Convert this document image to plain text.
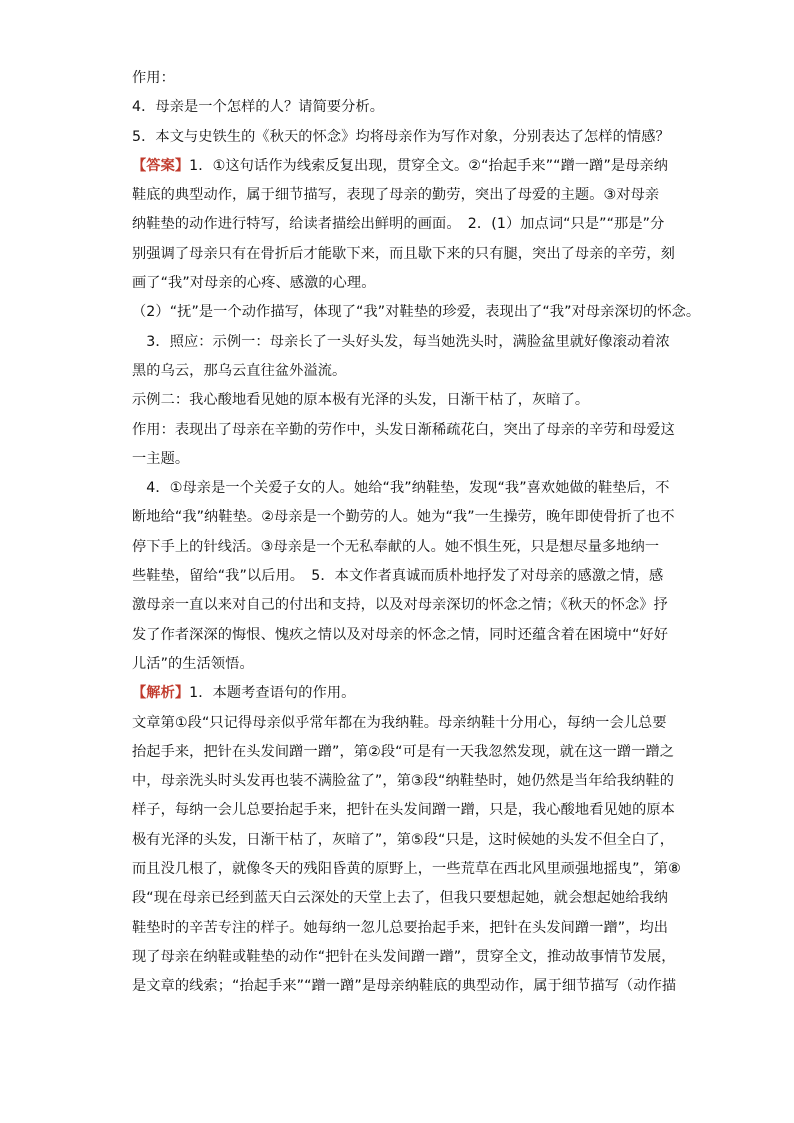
作用：
4．母亲是一个怎样的人？请简要分析。
5．本文与史铁生的《秋天的怀念》均将母亲作为写作对象，分别表达了怎样的情感？
【答案】1．①这句话作为线索反复出现，贯穿全文。②“抬起手来”“蹭一蹭”是母亲纳
鞋底的典型动作，属于细节描写，表现了母亲的勤劳，突出了母爱的主题。③对母亲
纳鞋垫的动作进行特写，给读者描绘出鲜明的画面。　2．(1）加点词“只是”“那是”分
别强调了母亲只有在骨折后才能歇下来，而且歇下来的只有腿，突出了母亲的辛劳，刻
画了“我”对母亲的心疼、感激的心理。
（2）“抚”是一个动作描写，体现了“我”对鞋垫的珍爱，表现出了“我”对母亲深切的怀念。
　3．照应：示例一：母亲长了一头好头发，每当她洗头时，满脸盆里就好像滚动着浓
黑的乌云，那乌云直往盆外溢流。
示例二：我心酸地看见她的原本极有光泽的头发，日渐干枯了，灰暗了。
作用：表现出了母亲在辛勤的劳作中，头发日渐稀疏花白，突出了母亲的辛劳和母爱这
一主题。
　4．①母亲是一个关爱子女的人。她给“我”纳鞋垫，发现“我”喜欢她做的鞋垫后，不
断地给“我”纳鞋垫。②母亲是一个勤劳的人。她为“我”一生操劳，晚年即使骨折了也不
停下手上的针线活。③母亲是一个无私奉献的人。她不惧生死，只是想尽量多地纳一
些鞋垫，留给“我”以后用。　5．本文作者真诚而质朴地抒发了对母亲的感激之情，感
激母亲一直以来对自己的付出和支持，以及对母亲深切的怀念之情；《秋天的怀念》抒
发了作者深深的悔恨、愧疚之情以及对母亲的怀念之情，同时还蕴含着在困境中“好好
儿活”的生活领悟。
【解析】1．本题考查语句的作用。
文章第①段“只记得母亲似乎常年都在为我纳鞋。母亲纳鞋十分用心，每纳一会儿总要
抬起手来，把针在头发间蹭一蹭”，第②段“可是有一天我忽然发现，就在这一蹭一蹭之
中，母亲洗头时头发再也装不满脸盆了”，第③段“纳鞋垫时，她仍然是当年给我纳鞋的
样子，每纳一会儿总要抬起手来，把针在头发间蹭一蹭，只是，我心酸地看见她的原本
极有光泽的头发，日渐干枯了，灰暗了”，第⑤段“只是，这时候她的头发不但全白了，
而且没几根了，就像冬天的残阳昏黄的原野上，一些荒草在西北风里顽强地摇曳”，第⑧
段“现在母亲已经到蓝天白云深处的天堂上去了，但我只要想起她，就会想起她给我纳
鞋垫时的辛苦专注的样子。她每纳一忽儿总要抬起手来，把针在头发间蹭一蹭”，均出
现了母亲在纳鞋或鞋垫的动作“把针在头发间蹭一蹭”，贯穿全文，推动故事情节发展，
是文章的线索；“抬起手来”“蹭一蹭”是母亲纳鞋底的典型动作，属于细节描写（动作描
